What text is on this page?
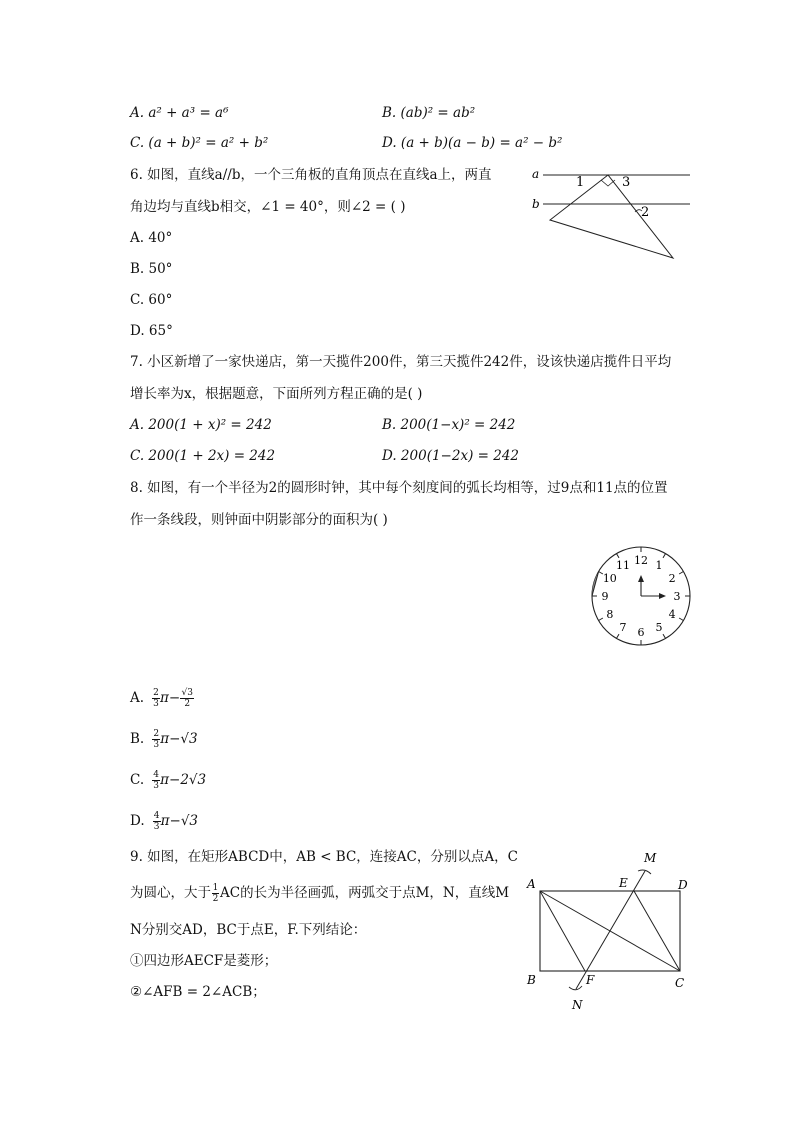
A. a² + a³ = a⁶	B. (ab)² = ab²
C. (a + b)² = a² + b²	D. (a + b)(a − b) = a² − b²
6. 如图，直线a//b，一个三角板的直角顶点在直线a上，两直
角边均与直线b相交，∠1 = 40°，则∠2 = ( )
A. 40°
B. 50°
C. 60°
D. 65°
a
b
1	3
2
7. 小区新增了一家快递店，第一天揽件200件，第三天揽件242件，设该快递店揽件日平均
增长率为x，根据题意，下面所列方程正确的是( )
A. 200(1 + x)² = 242	B. 200(1−x)² = 242
C. 200(1 + 2x) = 242	D. 200(1−2x) = 242
8. 如图，有一个半径为2的圆形时钟，其中每个刻度间的弧长均相等，过9点和11点的位置
作一条线段，则钟面中阴影部分的面积为( )
12 1
2
3
4
5
6
7
8
9
10
11
A. $\frac{2}{3} \pi- \frac{√3}{2}$
B. $\frac{2}{3} \pi-√3$
C. $\frac{4}{3} \pi-2√3$
D. $\frac{4}{3} \pi-√3$
9. 如图，在矩形ABCD中，AB < BC，连接AC，分别以点A，C
为圆心，大于 $\frac{1}{2}$ AC的长为半径画弧，两弧交于点M，N，直线M
N分别交AD，BC于点E，F.下列结论：
①四边形AECF是菱形；
②∠AFB = 2∠ACB；
A
B	C
D
E
F
M
N
